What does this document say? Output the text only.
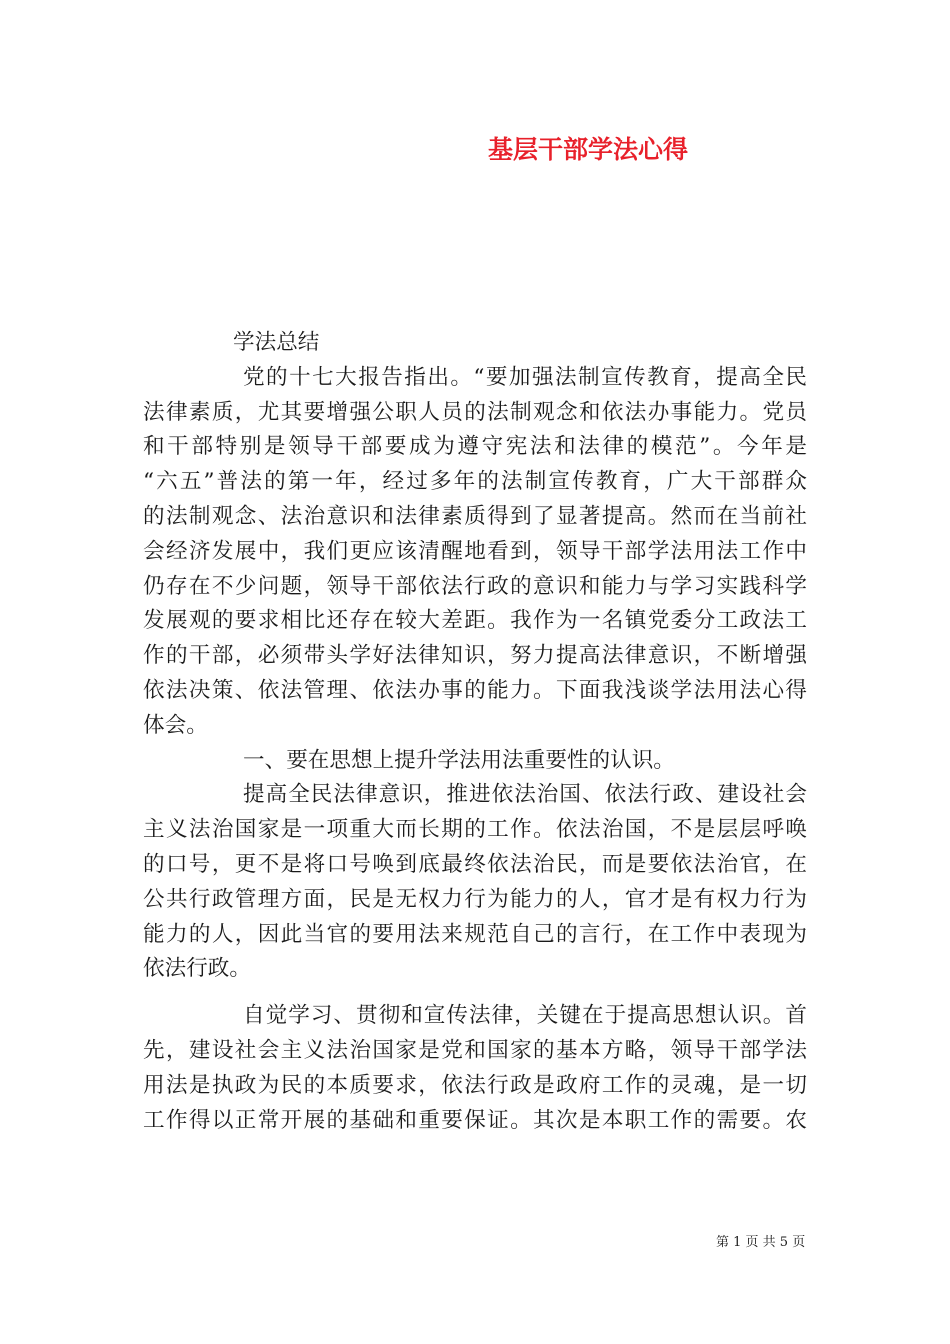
基层干部学法心得
学法总结
党的十七大报告指出。“要加强法制宣传教育，提高全民
法律素质，尤其要增强公职人员的法制观念和依法办事能力。党员
和干部特别是领导干部要成为遵守宪法和法律的模范”。今年是
“六五”普法的第一年，经过多年的法制宣传教育，广大干部群众
的法制观念、法治意识和法律素质得到了显著提高。然而在当前社
会经济发展中，我们更应该清醒地看到，领导干部学法用法工作中
仍存在不少问题，领导干部依法行政的意识和能力与学习实践科学
发展观的要求相比还存在较大差距。我作为一名镇党委分工政法工
作的干部，必须带头学好法律知识，努力提高法律意识，不断增强
依法决策、依法管理、依法办事的能力。下面我浅谈学法用法心得
体会。
一、要在思想上提升学法用法重要性的认识。
提高全民法律意识，推进依法治国、依法行政、建设社会
主义法治国家是一项重大而长期的工作。依法治国，不是层层呼唤
的口号，更不是将口号唤到底最终依法治民，而是要依法治官，在
公共行政管理方面，民是无权力行为能力的人，官才是有权力行为
能力的人，因此当官的要用法来规范自己的言行，在工作中表现为
依法行政。
自觉学习、贯彻和宣传法律，关键在于提高思想认识。首
先，建设社会主义法治国家是党和国家的基本方略，领导干部学法
用法是执政为民的本质要求，依法行政是政府工作的灵魂，是一切
工作得以正常开展的基础和重要保证。其次是本职工作的需要。农

第 1 页 共 5 页
